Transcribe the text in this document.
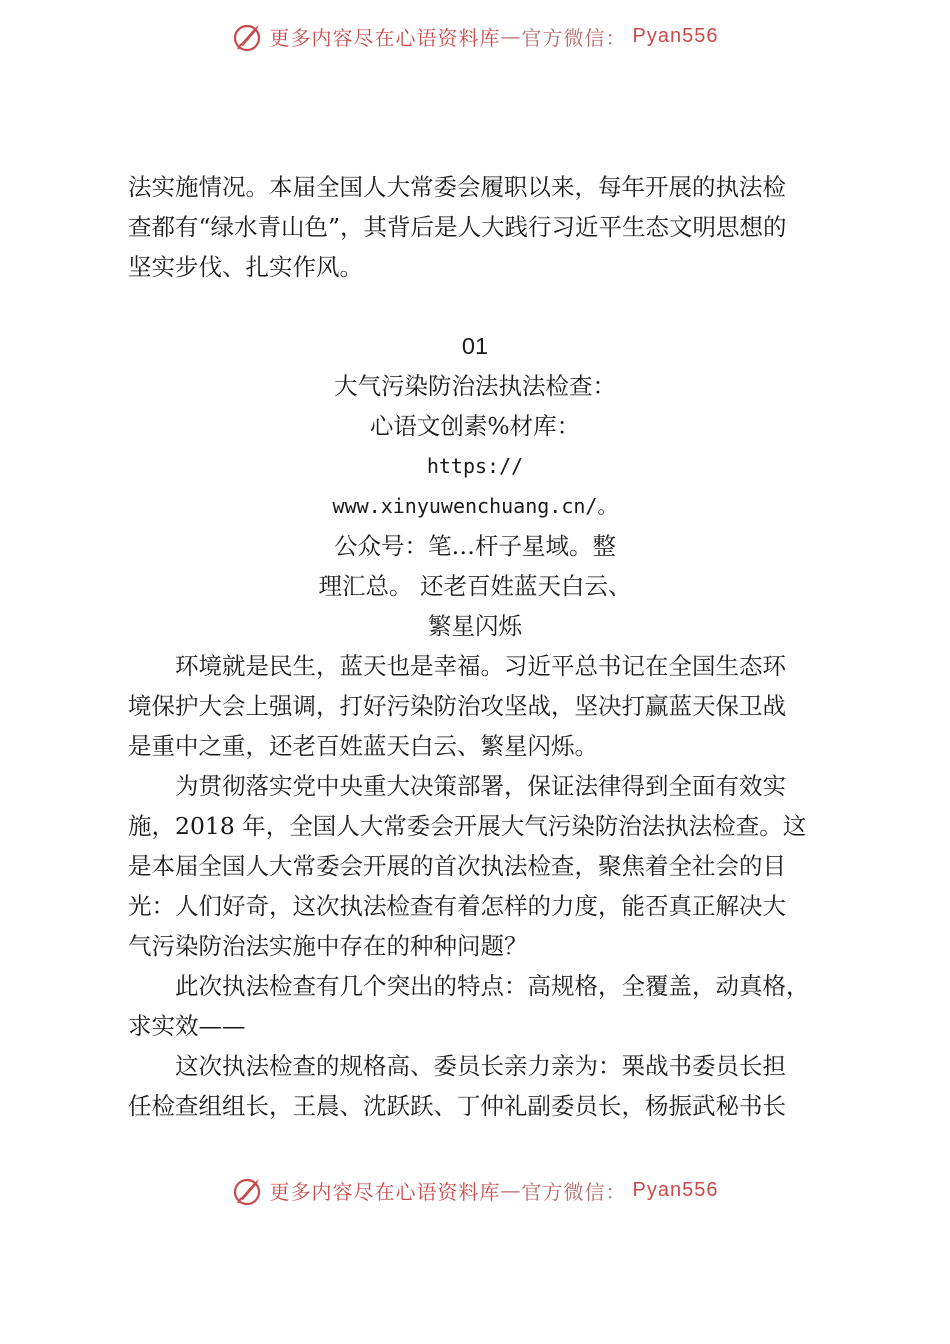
更多内容尽在心语资料库 — 官方微信： Pyan556

法实施情况。本届全国人大常委会履职以来，每年开展的执法检
查都有“绿水青山色”，其背后是人大践行习近平生态文明思想的
坚实步伐、扎实作风。

01
大气污染防治法执法检查：
心语文创素%材库：
https://
www.xinyuwenchuang.cn/。
公众号：笔…杆子星域。整
理汇总。 还老百姓蓝天白云、
繁星闪烁

　　环境就是民生，蓝天也是幸福。习近平总书记在全国生态环
境保护大会上强调，打好污染防治攻坚战，坚决打赢蓝天保卫战
是重中之重，还老百姓蓝天白云、繁星闪烁。

　　为贯彻落实党中央重大决策部署，保证法律得到全面有效实
施，2018 年，全国人大常委会开展大气污染防治法执法检查。这
是本届全国人大常委会开展的首次执法检查，聚焦着全社会的目
光：人们好奇，这次执法检查有着怎样的力度，能否真正解决大
气污染防治法实施中存在的种种问题？

　　此次执法检查有几个突出的特点：高规格，全覆盖，动真格，
求实效——

　　这次执法检查的规格高、委员长亲力亲为：栗战书委员长担
任检查组组长，王晨、沈跃跃、丁仲礼副委员长，杨振武秘书长

更多内容尽在心语资料库 — 官方微信： Pyan556
